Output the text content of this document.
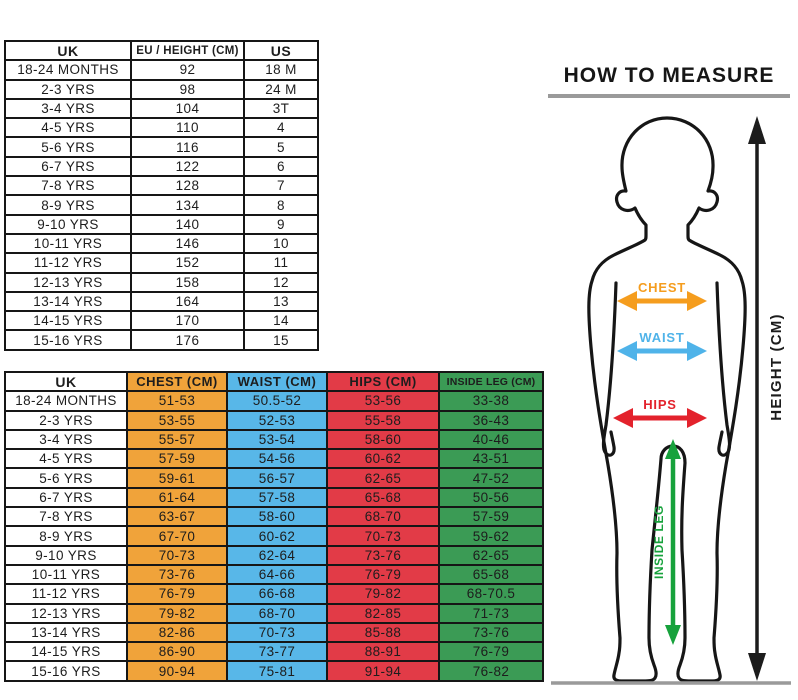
UK	EU / HEIGHT (CM)	US
18-24 MONTHS	92	18 M
2-3 YRS	98	24 M
3-4 YRS	104	3T
4-5 YRS	110	4
5-6 YRS	116	5
6-7 YRS	122	6
7-8 YRS	128	7
8-9 YRS	134	8
9-10 YRS	140	9
10-11 YRS	146	10
11-12 YRS	152	11
12-13 YRS	158	12
13-14 YRS	164	13
14-15 YRS	170	14
15-16 YRS	176	15
UK	CHEST (CM)	WAIST (CM)	HIPS (CM)	INSIDE LEG (CM)
18-24 MONTHS	51-53	50.5-52	53-56	33-38
2-3 YRS	53-55	52-53	55-58	36-43
3-4 YRS	55-57	53-54	58-60	40-46
4-5 YRS	57-59	54-56	60-62	43-51
5-6 YRS	59-61	56-57	62-65	47-52
6-7 YRS	61-64	57-58	65-68	50-56
7-8 YRS	63-67	58-60	68-70	57-59
8-9 YRS	67-70	60-62	70-73	59-62
9-10 YRS	70-73	62-64	73-76	62-65
10-11 YRS	73-76	64-66	76-79	65-68
11-12 YRS	76-79	66-68	79-82	68-70.5
12-13 YRS	79-82	68-70	82-85	71-73
13-14 YRS	82-86	70-73	85-88	73-76
14-15 YRS	86-90	73-77	88-91	76-79
15-16 YRS	90-94	75-81	91-94	76-82
HOW TO MEASURE
CHEST
WAIST
HIPS
INSIDE LEG
HEIGHT (CM)
